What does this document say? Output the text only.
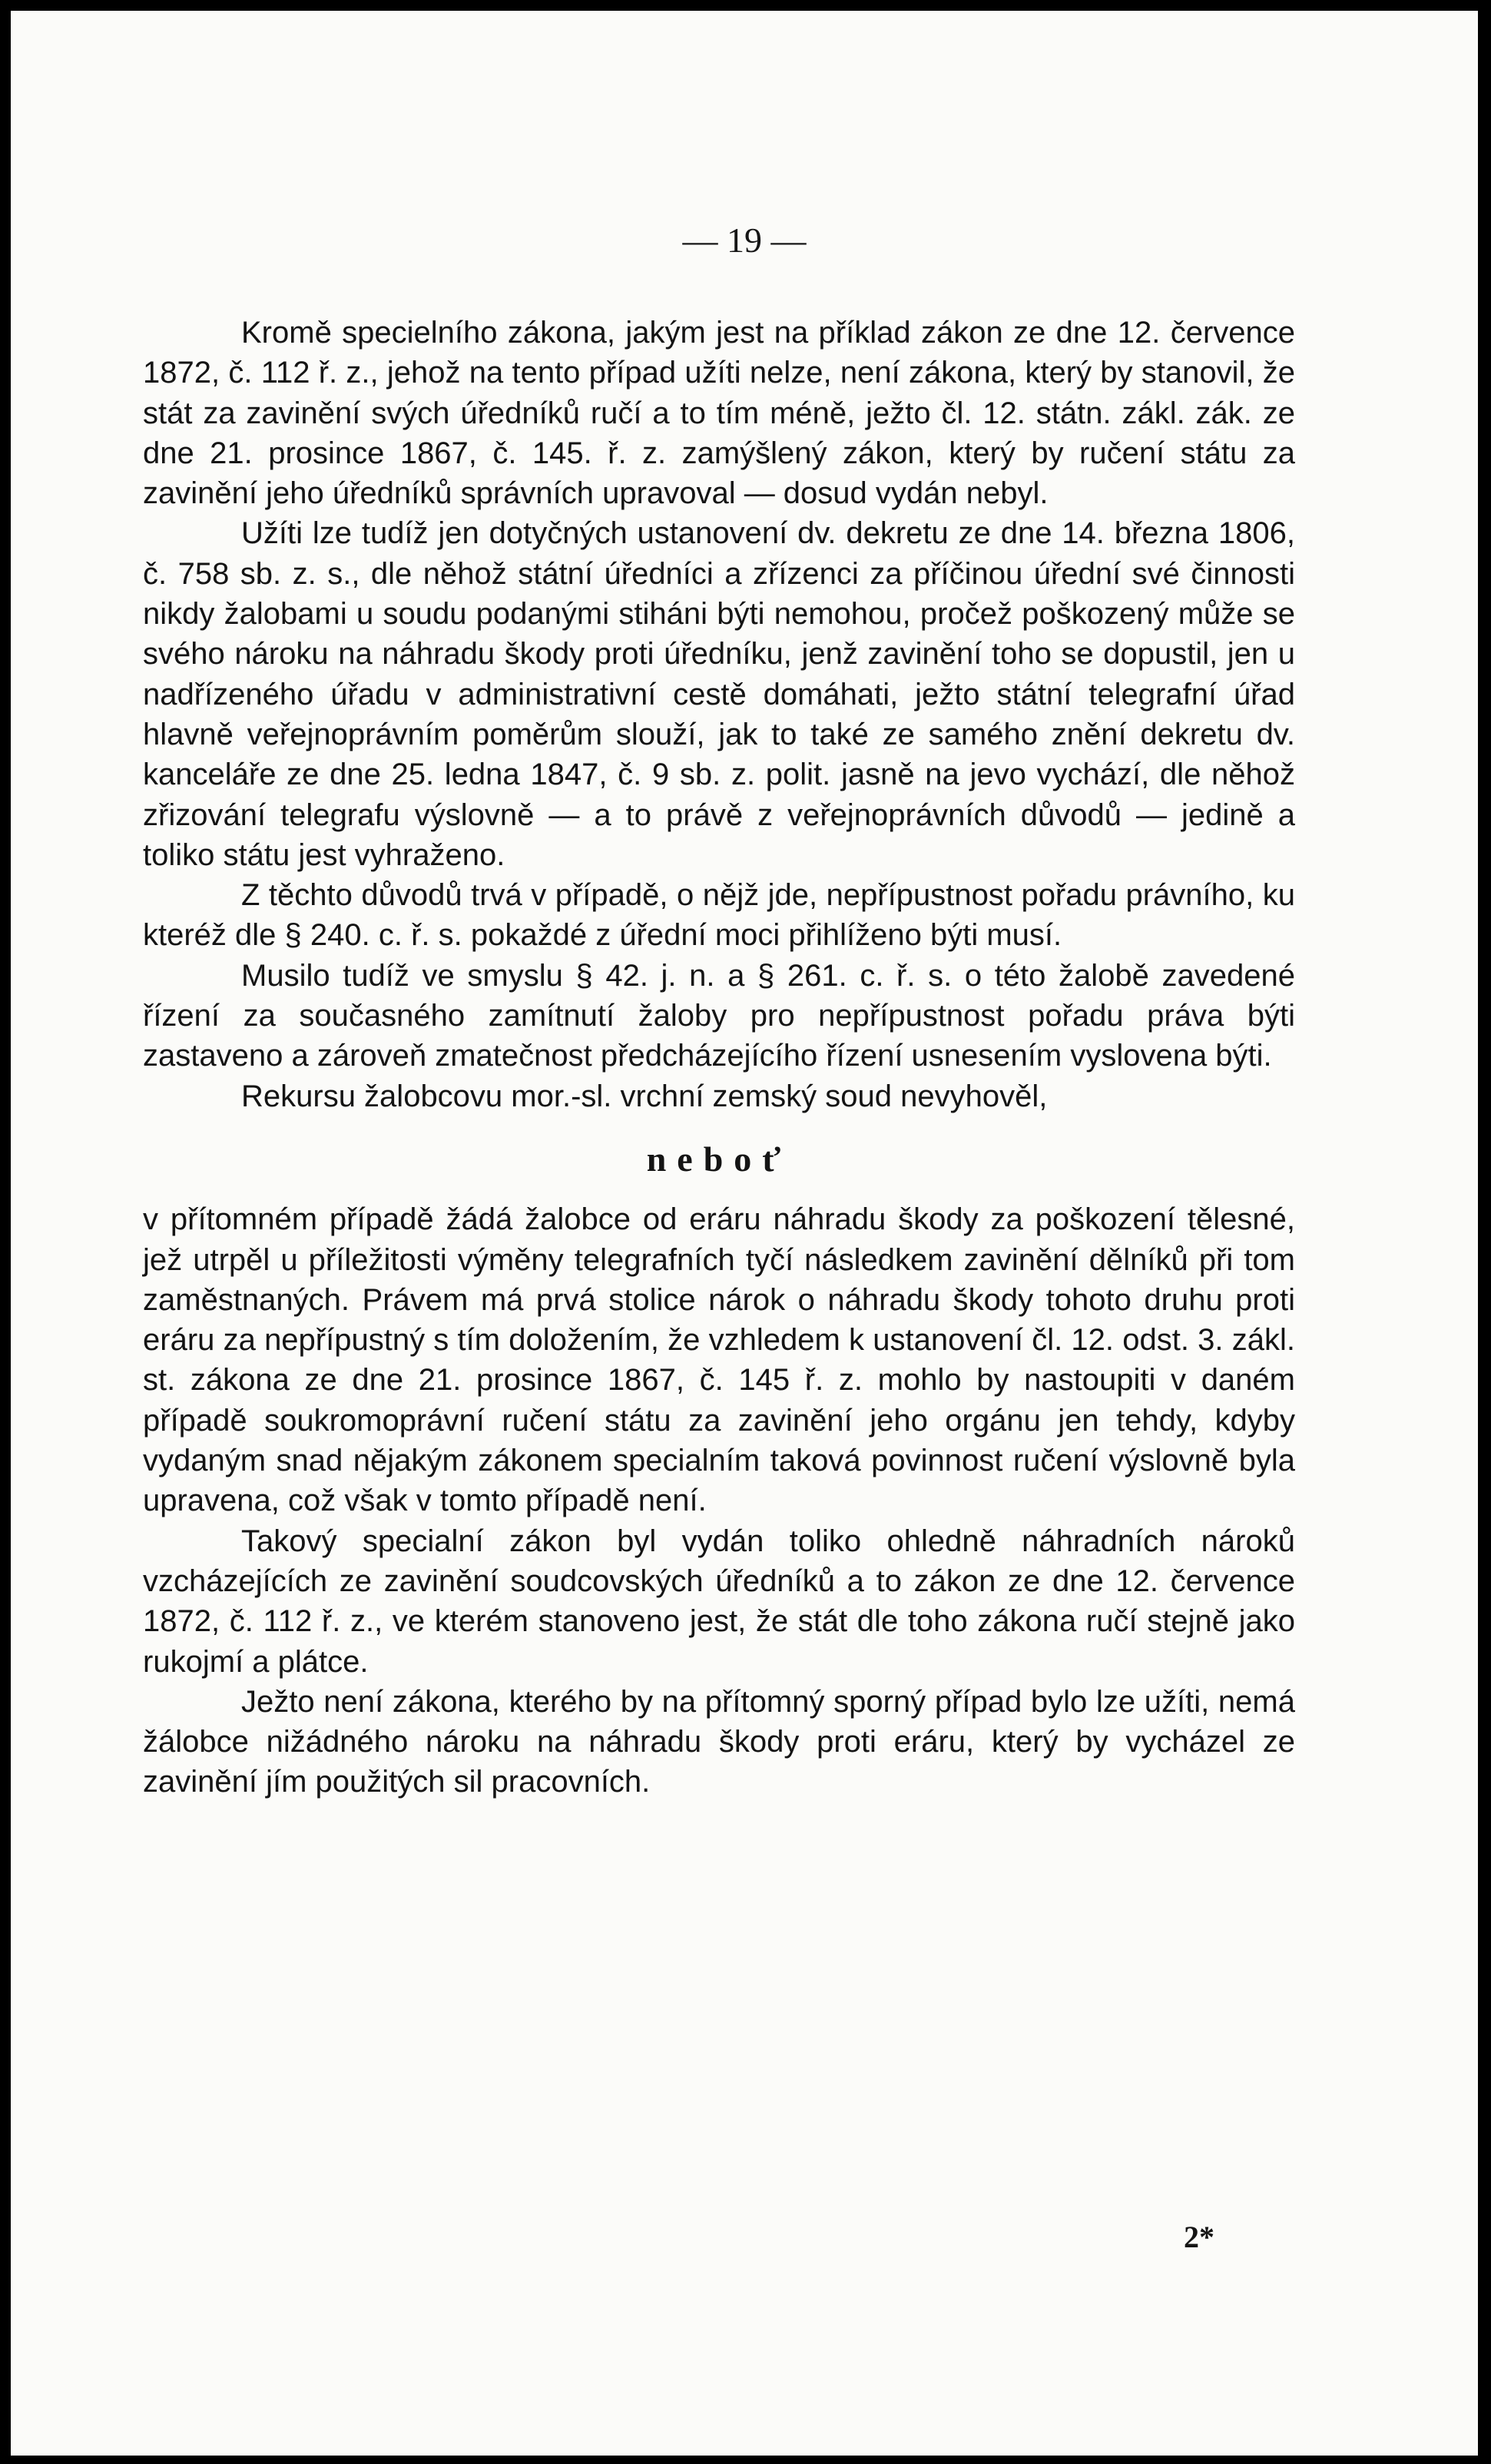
— 19 —

Kromě specielního zákona, jakým jest na příklad zákon ze dne 12. července 1872, č. 112 ř. z., jehož na tento případ užíti nelze, není zákona, který by stanovil, že stát za zavinění svých úředníků ručí a to tím méně, ježto čl. 12. státn. zákl. zák. ze dne 21. prosince 1867, č. 145. ř. z. zamýšlený zákon, který by ručení státu za zavinění jeho úředníků správních upravoval — dosud vydán nebyl.

Užíti lze tudíž jen dotyčných ustanovení dv. dekretu ze dne 14. března 1806, č. 758 sb. z. s., dle něhož státní úředníci a zřízenci za příčinou úřední své činnosti nikdy žalobami u soudu podanými stiháni býti nemohou, pročež poškozený může se svého nároku na náhradu škody proti úředníku, jenž zavinění toho se dopustil, jen u nadřízeného úřadu v administrativní cestě domáhati, ježto státní telegrafní úřad hlavně veřejnoprávním poměrům slouží, jak to také ze samého znění dekretu dv. kanceláře ze dne 25. ledna 1847, č. 9 sb. z. polit. jasně na jevo vychází, dle něhož zřizování telegrafu výslovně — a to právě z veřejnoprávních důvodů — jedině a toliko státu jest vyhraženo.

Z těchto důvodů trvá v případě, o nějž jde, nepřípustnost pořadu právního, ku kteréž dle § 240. c. ř. s. pokaždé z úřední moci přihlíženo býti musí.

Musilo tudíž ve smyslu § 42. j. n. a § 261. c. ř. s. o této žalobě zavedené řízení za současného zamítnutí žaloby pro nepřípustnost pořadu práva býti zastaveno a zároveň zmatečnost předcházejícího řízení usnesením vyslovena býti.

Rekursu žalobcovu mor.-sl. vrchní zemský soud nevyhověl,

neboť

v přítomném případě žádá žalobce od eráru náhradu škody za poškození tělesné, jež utrpěl u příležitosti výměny telegrafních tyčí následkem zavinění dělníků při tom zaměstnaných. Právem má prvá stolice nárok o náhradu škody tohoto druhu proti eráru za nepřípustný s tím doložením, že vzhledem k ustanovení čl. 12. odst. 3. zákl. st. zákona ze dne 21. prosince 1867, č. 145 ř. z. mohlo by nastoupiti v daném případě soukromoprávní ručení státu za zavinění jeho orgánu jen tehdy, kdyby vydaným snad nějakým zákonem specialním taková povinnost ručení výslovně byla upravena, což však v tomto případě není.

Takový specialní zákon byl vydán toliko ohledně náhradních nároků vzcházejících ze zavinění soudcovských úředníků a to zákon ze dne 12. července 1872, č. 112 ř. z., ve kterém stanoveno jest, že stát dle toho zákona ručí stejně jako rukojmí a plátce.

Ježto není zákona, kterého by na přítomný sporný případ bylo lze užíti, nemá žálobce nižádného nároku na náhradu škody proti eráru, který by vycházel ze zavinění jím použitých sil pracovních.

2*
